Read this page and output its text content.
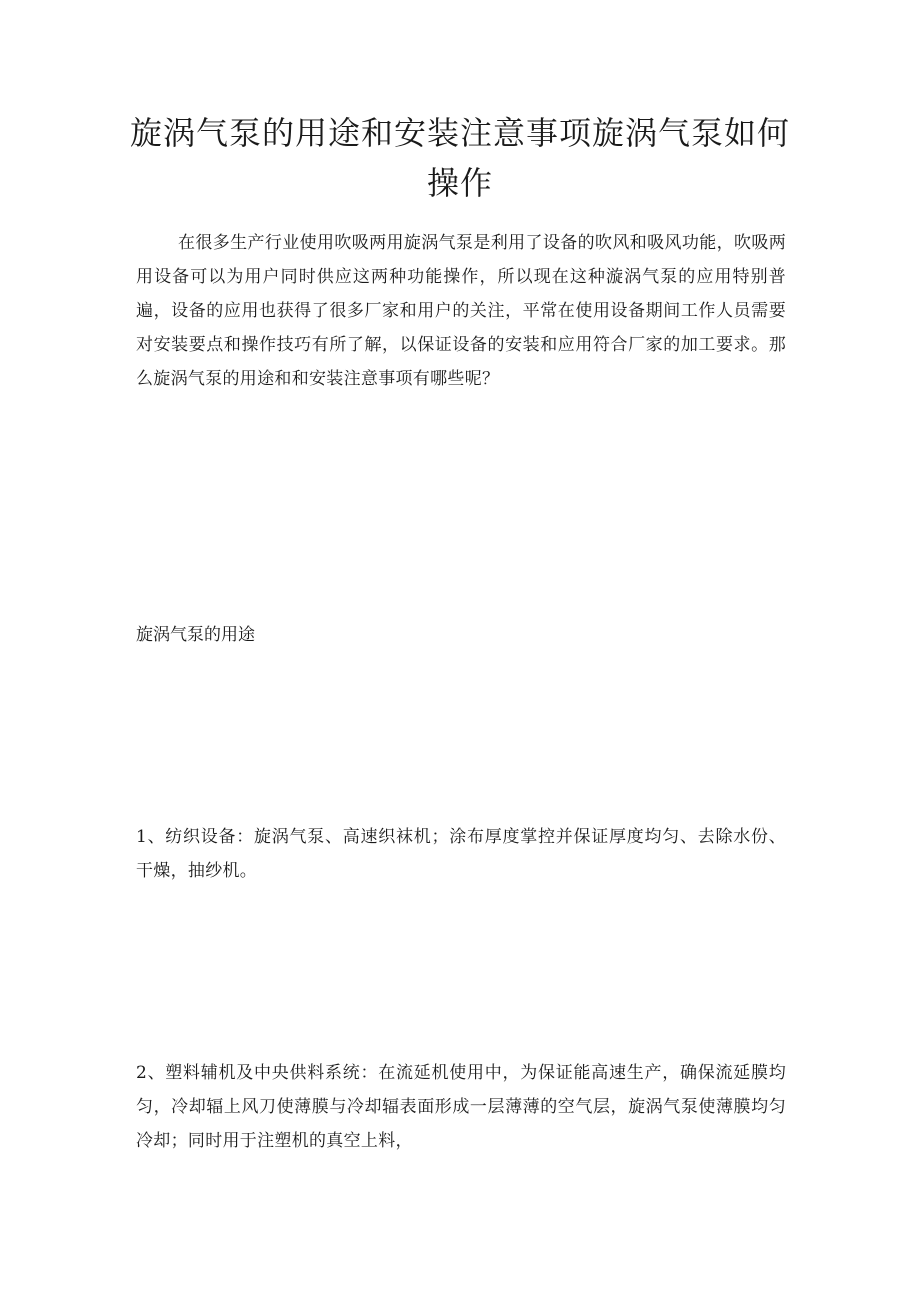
旋涡气泵的用途和安装注意事项旋涡气泵如何操作

在很多生产行业使用吹吸两用旋涡气泵是利用了设备的吹风和吸风功能，吹吸两用设备可以为用户同时供应这两种功能操作，所以现在这种漩涡气泵的应用特别普遍，设备的应用也获得了很多厂家和用户的关注，平常在使用设备期间工作人员需要对安装要点和操作技巧有所了解，以保证设备的安装和应用符合厂家的加工要求。那么旋涡气泵的用途和和安装注意事项有哪些呢？

旋涡气泵的用途

1、纺织设备：旋涡气泵、高速织袜机；涂布厚度掌控并保证厚度均匀、去除水份、干燥，抽纱机。

2、塑料辅机及中央供料系统：在流延机使用中，为保证能高速生产，确保流延膜均匀，冷却辐上风刀使薄膜与冷却辐表面形成一层薄薄的空气层，旋涡气泵使薄膜均匀冷却；同时用于注塑机的真空上料，
